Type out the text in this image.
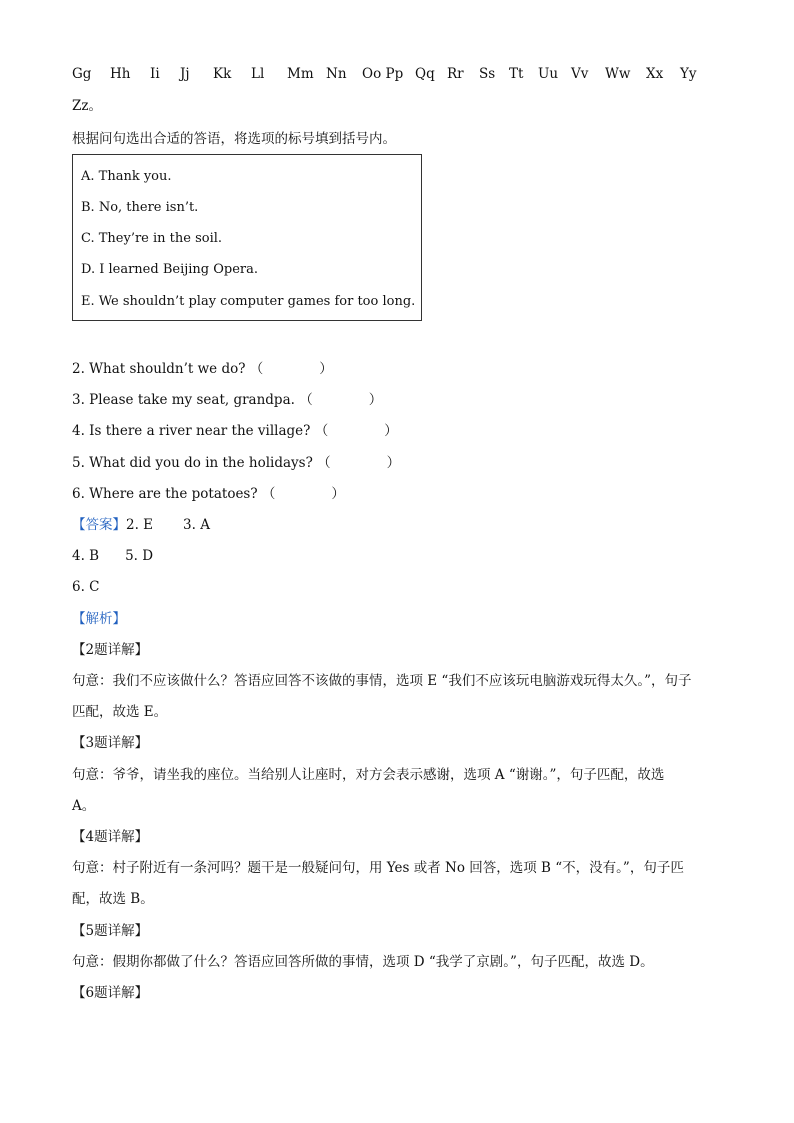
Gg Hh Ii Jj Kk Ll Mm Nn Oo Pp Qq Rr Ss Tt Uu Vv Ww Xx Yy
Zz。
根据问句选出合适的答语，将选项的标号填到括号内。
A. Thank you.
B. No, there isn’t.
C. They’re in the soil.
D. I learned Beijing Opera.
E. We shouldn’t play computer games for too long.
2. What shouldn’t we do? （	）
3. Please take my seat, grandpa. （	）
4. Is there a river near the village? （	）
5. What did you do in the holidays? （	）
6. Where are the potatoes? （	）
【答案】2. E 3. A
4. B 5. D
6. C
【解析】
【2题详解】
句意：我们不应该做什么？答语应回答不该做的事情，选项 E “我们不应该玩电脑游戏玩得太久。”，句子
匹配，故选 E。
【3题详解】
句意：爷爷，请坐我的座位。当给别人让座时，对方会表示感谢，选项 A “谢谢。”，句子匹配，故选
A。
【4题详解】
句意：村子附近有一条河吗？题干是一般疑问句，用 Yes 或者 No 回答，选项 B “不，没有。”，句子匹
配，故选 B。
【5题详解】
句意：假期你都做了什么？答语应回答所做的事情，选项 D “我学了京剧。”，句子匹配，故选 D。
【6题详解】
